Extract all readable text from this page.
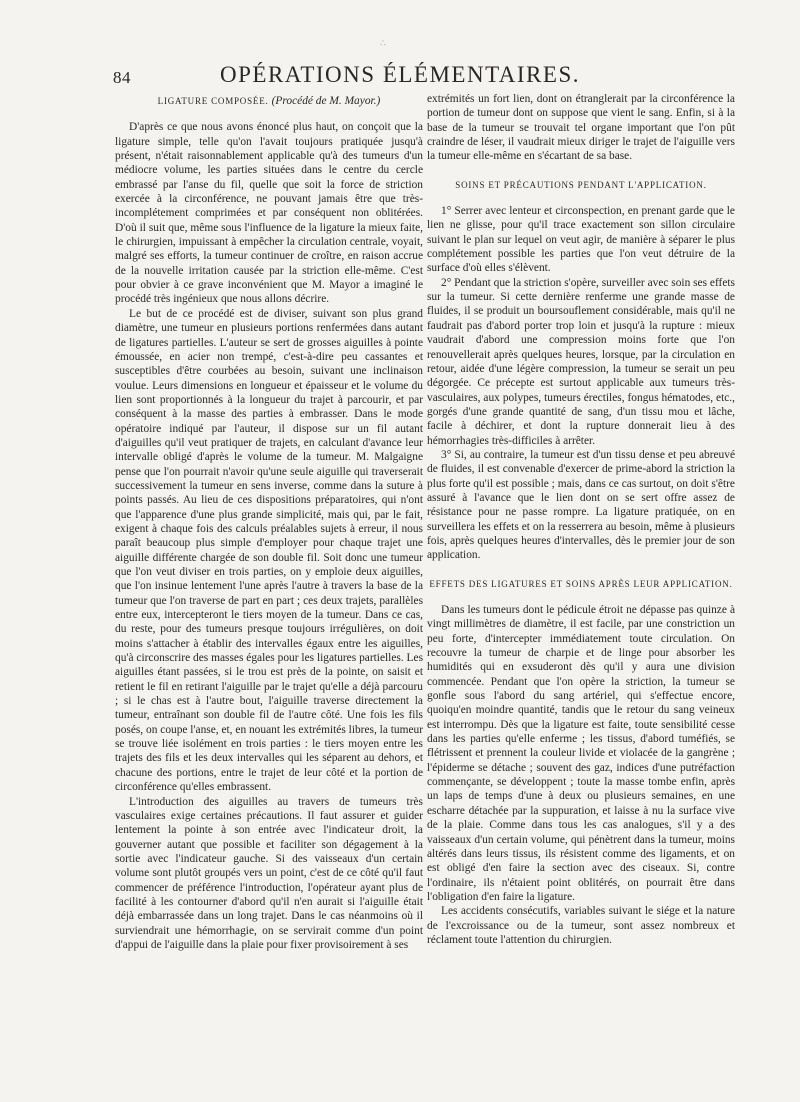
∴
84	OPÉRATIONS ÉLÉMENTAIRES.
LIGATURE COMPOSÉE. (Procédé de M. Mayor.)

D'après ce que nous avons énoncé plus haut, on conçoit que la ligature simple, telle qu'on l'avait toujours pratiquée jusqu'à présent, n'était raisonnablement applicable qu'à des tumeurs d'un médiocre volume, les parties situées dans le centre du cercle embrassé par l'anse du fil, quelle que soit la force de striction exercée à la circonférence, ne pouvant jamais être que très-incomplétement comprimées et par conséquent non oblitérées. D'où il suit que, même sous l'influence de la ligature la mieux faite, le chirurgien, impuissant à empêcher la circulation centrale, voyait, malgré ses efforts, la tumeur continuer de croître, en raison accrue de la nouvelle irritation causée par la striction elle-même. C'est pour obvier à ce grave inconvénient que M. Mayor a imaginé le procédé très ingénieux que nous allons décrire.

Le but de ce procédé est de diviser, suivant son plus grand diamètre, une tumeur en plusieurs portions renfermées dans autant de ligatures partielles. L'auteur se sert de grosses aiguilles à pointe émoussée, en acier non trempé, c'est-à-dire peu cassantes et susceptibles d'être courbées au besoin, suivant une inclinaison voulue. Leurs dimensions en longueur et épaisseur et le volume du lien sont proportionnés à la longueur du trajet à parcourir, et par conséquent à la masse des parties à embrasser. Dans le mode opératoire indiqué par l'auteur, il dispose sur un fil autant d'aiguilles qu'il veut pratiquer de trajets, en calculant d'avance leur intervalle obligé d'après le volume de la tumeur. M. Malgaigne pense que l'on pourrait n'avoir qu'une seule aiguille qui traverserait successivement la tumeur en sens inverse, comme dans la suture à points passés. Au lieu de ces dispositions préparatoires, qui n'ont que l'apparence d'une plus grande simplicité, mais qui, par le fait, exigent à chaque fois des calculs préalables sujets à erreur, il nous paraît beaucoup plus simple d'employer pour chaque trajet une aiguille différente chargée de son double fil. Soit donc une tumeur que l'on veut diviser en trois parties, on y emploie deux aiguilles, que l'on insinue lentement l'une après l'autre à travers la base de la tumeur que l'on traverse de part en part ; ces deux trajets, parallèles entre eux, intercepteront le tiers moyen de la tumeur. Dans ce cas, du reste, pour des tumeurs presque toujours irrégulières, on doit moins s'attacher à établir des intervalles égaux entre les aiguilles, qu'à circonscrire des masses égales pour les ligatures partielles. Les aiguilles étant passées, si le trou est près de la pointe, on saisit et retient le fil en retirant l'aiguille par le trajet qu'elle a déjà parcouru ; si le chas est à l'autre bout, l'aiguille traverse directement la tumeur, entraînant son double fil de l'autre côté. Une fois les fils posés, on coupe l'anse, et, en nouant les extrémités libres, la tumeur se trouve liée isolément en trois parties : le tiers moyen entre les trajets des fils et les deux intervalles qui les séparent au dehors, et chacune des portions, entre le trajet de leur côté et la portion de circonférence qu'elles embrassent.

L'introduction des aiguilles au travers de tumeurs très vasculaires exige certaines précautions. Il faut assurer et guider lentement la pointe à son entrée avec l'indicateur droit, la gouverner autant que possible et faciliter son dégagement à la sortie avec l'indicateur gauche. Si des vaisseaux d'un certain volume sont plutôt groupés vers un point, c'est de ce côté qu'il faut commencer de préférence l'introduction, l'opérateur ayant plus de facilité à les contourner d'abord qu'il n'en aurait si l'aiguille était déjà embarrassée dans un long trajet. Dans le cas néanmoins où il surviendrait une hémorrhagie, on se servirait comme d'un point d'appui de l'aiguille dans la plaie pour fixer provisoirement à ses

extrémités un fort lien, dont on étranglerait par la circonférence la portion de tumeur dont on suppose que vient le sang. Enfin, si à la base de la tumeur se trouvait tel organe important que l'on pût craindre de léser, il vaudrait mieux diriger le trajet de l'aiguille vers la tumeur elle-même en s'écartant de sa base.

SOINS ET PRÉCAUTIONS PENDANT L'APPLICATION.

1° Serrer avec lenteur et circonspection, en prenant garde que le lien ne glisse, pour qu'il trace exactement son sillon circulaire suivant le plan sur lequel on veut agir, de manière à séparer le plus complétement possible les parties que l'on veut détruire de la surface d'où elles s'élèvent.

2° Pendant que la striction s'opère, surveiller avec soin ses effets sur la tumeur. Si cette dernière renferme une grande masse de fluides, il se produit un boursouflement considérable, mais qu'il ne faudrait pas d'abord porter trop loin et jusqu'à la rupture : mieux vaudrait d'abord une compression moins forte que l'on renouvellerait après quelques heures, lorsque, par la circulation en retour, aidée d'une légère compression, la tumeur se serait un peu dégorgée. Ce précepte est surtout applicable aux tumeurs très-vasculaires, aux polypes, tumeurs érectiles, fongus hématodes, etc., gorgés d'une grande quantité de sang, d'un tissu mou et lâche, facile à déchirer, et dont la rupture donnerait lieu à des hémorrhagies très-difficiles à arrêter.

3° Si, au contraire, la tumeur est d'un tissu dense et peu abreuvé de fluides, il est convenable d'exercer de prime-abord la striction la plus forte qu'il est possible ; mais, dans ce cas surtout, on doit s'être assuré à l'avance que le lien dont on se sert offre assez de résistance pour ne passe rompre. La ligature pratiquée, on en surveillera les effets et on la resserrera au besoin, même à plusieurs fois, après quelques heures d'intervalles, dès le premier jour de son application.

EFFETS DES LIGATURES ET SOINS APRÈS LEUR APPLICATION.

Dans les tumeurs dont le pédicule étroit ne dépasse pas quinze à vingt millimètres de diamètre, il est facile, par une constriction un peu forte, d'intercepter immédiatement toute circulation. On recouvre la tumeur de charpie et de linge pour absorber les humidités qui en exsuderont dès qu'il y aura une division commencée. Pendant que l'on opère la striction, la tumeur se gonfle sous l'abord du sang artériel, qui s'effectue encore, quoiqu'en moindre quantité, tandis que le retour du sang veineux est interrompu. Dès que la ligature est faite, toute sensibilité cesse dans les parties qu'elle enferme ; les tissus, d'abord tuméfiés, se flétrissent et prennent la couleur livide et violacée de la gangrène ; l'épiderme se détache ; souvent des gaz, indices d'une putréfaction commençante, se développent ; toute la masse tombe enfin, après un laps de temps d'une à deux ou plusieurs semaines, en une escharre détachée par la suppuration, et laisse à nu la surface vive de la plaie. Comme dans tous les cas analogues, s'il y a des vaisseaux d'un certain volume, qui pénètrent dans la tumeur, moins altérés dans leurs tissus, ils résistent comme des ligaments, et on est obligé d'en faire la section avec des ciseaux. Si, contre l'ordinaire, ils n'étaient point oblitérés, on pourrait être dans l'obligation d'en faire la ligature.

Les accidents consécutifs, variables suivant le siége et la nature de l'excroissance ou de la tumeur, sont assez nombreux et réclament toute l'attention du chirurgien.
